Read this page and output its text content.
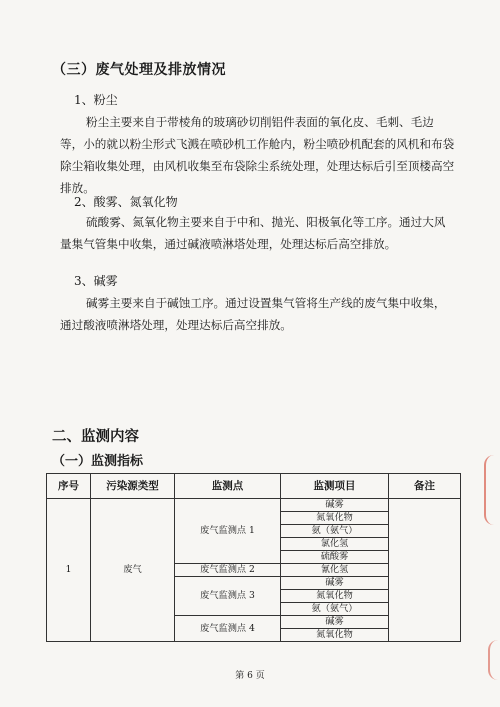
（三）废气处理及排放情况
1、粉尘

粉尘主要来自于带棱角的玻璃砂切削铝件表面的氧化皮、毛刺、毛边等，小的就以粉尘形式飞溅在喷砂机工作舱内，粉尘喷砂机配套的风机和布袋除尘箱收集处理，由风机收集至布袋除尘系统处理，处理达标后引至顶楼高空排放。

2、酸雾、氮氧化物

硫酸雾、氮氧化物主要来自于中和、抛光、阳极氧化等工序。通过大风量集气管集中收集，通过碱液喷淋塔处理，处理达标后高空排放。

3、碱雾

碱雾主要来自于碱蚀工序。通过设置集气管将生产线的废气集中收集，通过酸液喷淋塔处理，处理达标后高空排放。

二、监测内容
（一）监测指标
序号	污染源类型	监测点	监测项目	备注
1	废气	废气监测点 1	碱雾	
			氮氧化物	
			氨（氨气）	
			氯化氢	
			硫酸雾	
		废气监测点 2	氰化氢	
		废气监测点 3	碱雾	
			氮氧化物	
			氨（氨气）	
		废气监测点 4	碱雾	
			氮氧化物	
第 6 页
